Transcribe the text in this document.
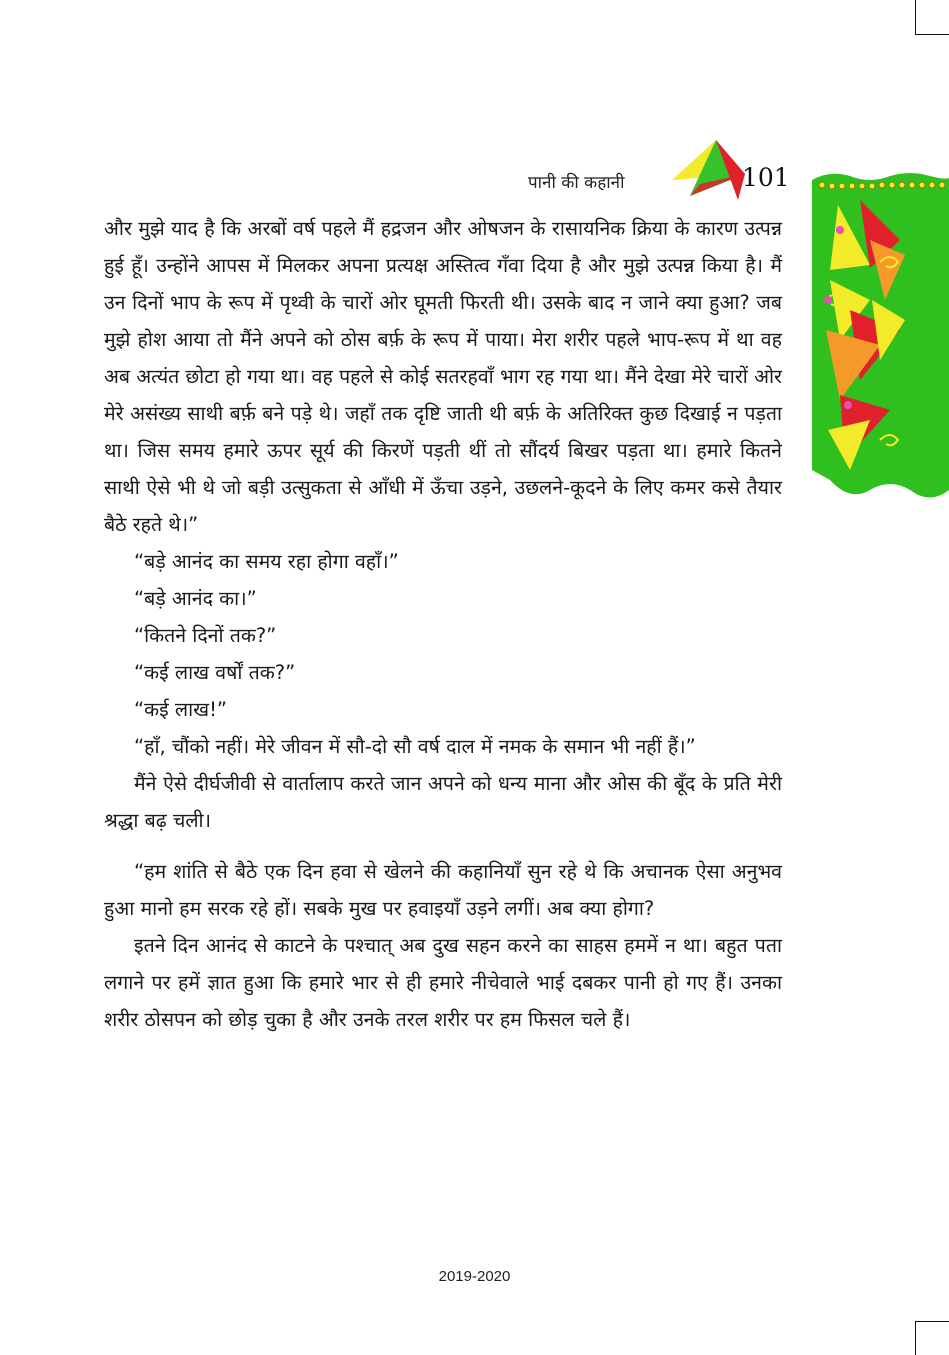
पानी की कहानी	101

और मुझे याद है कि अरबों वर्ष पहले मैं हद्रजन और ओषजन के रासायनिक क्रिया के कारण उत्पन्न हुई हूँ। उन्होंने आपस में मिलकर अपना प्रत्यक्ष अस्तित्व गँवा दिया है और मुझे उत्पन्न किया है। मैं उन दिनों भाप के रूप में पृथ्वी के चारों ओर घूमती फिरती थी। उसके बाद न जाने क्या हुआ? जब मुझे होश आया तो मैंने अपने को ठोस बर्फ़ के रूप में पाया। मेरा शरीर पहले भाप-रूप में था वह अब अत्यंत छोटा हो गया था। वह पहले से कोई सतरहवाँ भाग रह गया था। मैंने देखा मेरे चारों ओर मेरे असंख्य साथी बर्फ़ बने पड़े थे। जहाँ तक दृष्टि जाती थी बर्फ़ के अतिरिक्त कुछ दिखाई न पड़ता था। जिस समय हमारे ऊपर सूर्य की किरणें पड़ती थीं तो सौंदर्य बिखर पड़ता था। हमारे कितने साथी ऐसे भी थे जो बड़ी उत्सुकता से आँधी में ऊँचा उड़ने, उछलने-कूदने के लिए कमर कसे तैयार बैठे रहते थे।”

“बड़े आनंद का समय रहा होगा वहाँ।”

“बड़े आनंद का।”

“कितने दिनों तक?”

“कई लाख वर्षों तक?”

“कई लाख!”

“हाँ, चौंको नहीं। मेरे जीवन में सौ-दो सौ वर्ष दाल में नमक के समान भी नहीं हैं।”

मैंने ऐसे दीर्घजीवी से वार्तालाप करते जान अपने को धन्य माना और ओस की बूँद के प्रति मेरी श्रद्धा बढ़ चली।

“हम शांति से बैठे एक दिन हवा से खेलने की कहानियाँ सुन रहे थे कि अचानक ऐसा अनुभव हुआ मानो हम सरक रहे हों। सबके मुख पर हवाइयाँ उड़ने लगीं। अब क्या होगा?

इतने दिन आनंद से काटने के पश्चात् अब दुख सहन करने का साहस हममें न था। बहुत पता लगाने पर हमें ज्ञात हुआ कि हमारे भार से ही हमारे नीचेवाले भाई दबकर पानी हो गए हैं। उनका शरीर ठोसपन को छोड़ चुका है और उनके तरल शरीर पर हम फिसल चले हैं।

2019-2020
